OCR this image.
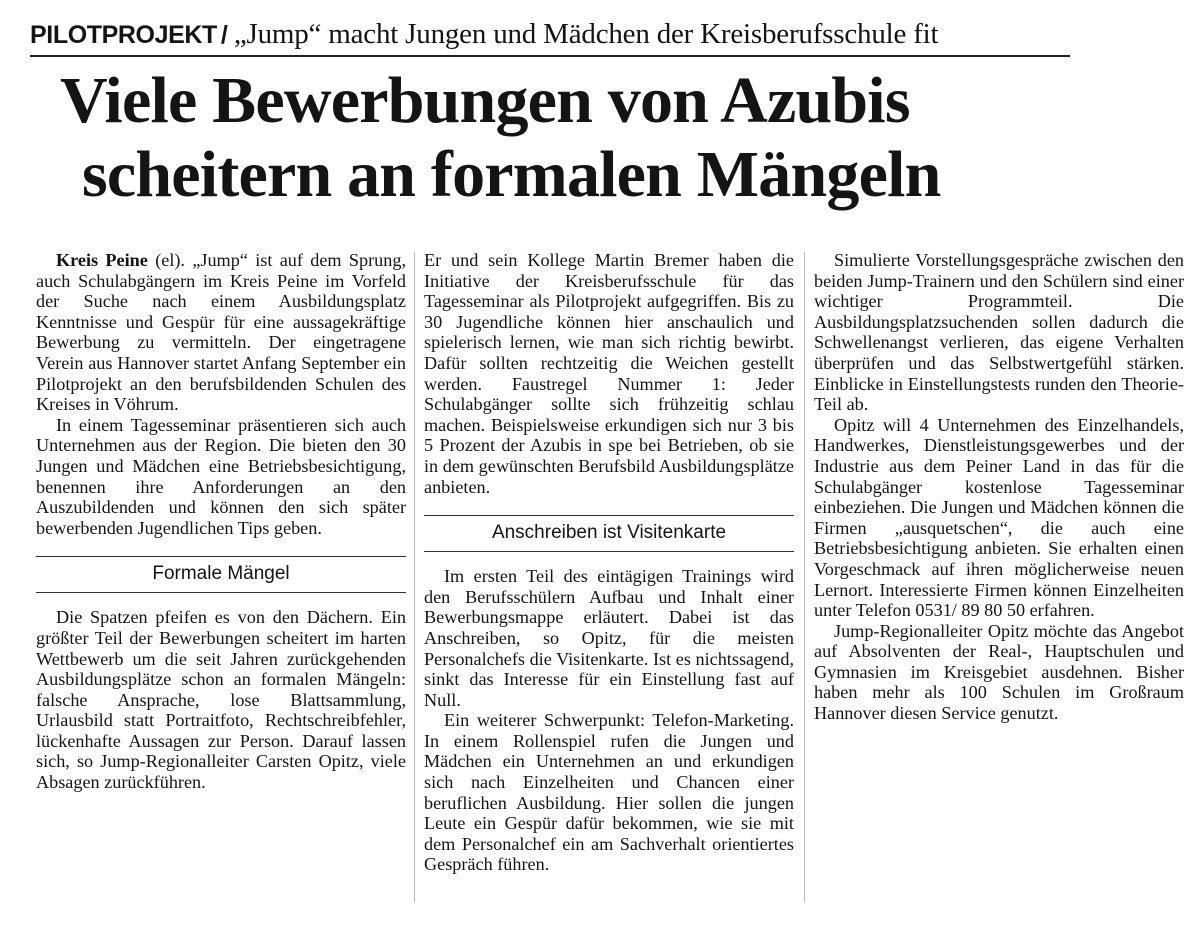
PILOTPROJEKT / „Jump“ macht Jungen und Mädchen der Kreisberufsschule fit
Viele Bewerbungen von Azubis
scheitern an formalen Mängeln

Kreis Peine (el). „Jump“ ist auf dem Sprung, auch Schulabgängern im Kreis Peine im Vorfeld der Suche nach einem Ausbildungsplatz Kenntnisse und Gespür für eine aussagekräftige Bewerbung zu vermitteln. Der eingetragene Verein aus Hannover startet Anfang September ein Pilotprojekt an den berufsbildenden Schulen des Kreises in Vöhrum.

In einem Tagesseminar präsentieren sich auch Unternehmen aus der Region. Die bieten den 30 Jungen und Mädchen eine Betriebsbesichtigung, benennen ihre Anforderungen an den Auszubildenden und können den sich später bewerbenden Jugendlichen Tips geben.

Formale Mängel

Die Spatzen pfeifen es von den Dächern. Ein größter Teil der Bewerbungen scheitert im harten Wettbewerb um die seit Jahren zurückgehenden Ausbildungsplätze schon an formalen Mängeln: falsche Ansprache, lose Blattsammlung, Urlausbild statt Portraitfoto, Rechtschreibfehler, lückenhafte Aussagen zur Person. Darauf lassen sich, so Jump-Regionalleiter Carsten Opitz, viele Absagen zurückführen.

Er und sein Kollege Martin Bremer haben die Initiative der Kreisberufsschule für das Tagesseminar als Pilotprojekt aufgegriffen. Bis zu 30 Jugendliche können hier anschaulich und spielerisch lernen, wie man sich richtig bewirbt. Dafür sollten rechtzeitig die Weichen gestellt werden. Faustregel Nummer 1: Jeder Schulabgänger sollte sich frühzeitig schlau machen. Beispielsweise erkundigen sich nur 3 bis 5 Prozent der Azubis in spe bei Betrieben, ob sie in dem gewünschten Berufsbild Ausbildungsplätze anbieten.

Anschreiben ist Visitenkarte

Im ersten Teil des eintägigen Trainings wird den Berufsschülern Aufbau und Inhalt einer Bewerbungsmappe erläutert. Dabei ist das Anschreiben, so Opitz, für die meisten Personalchefs die Visitenkarte. Ist es nichtssagend, sinkt das Interesse für ein Einstellung fast auf Null.

Ein weiterer Schwerpunkt: Telefon-Marketing. In einem Rollenspiel rufen die Jungen und Mädchen ein Unternehmen an und erkundigen sich nach Einzelheiten und Chancen einer beruflichen Ausbildung. Hier sollen die jungen Leute ein Gespür dafür bekommen, wie sie mit dem Personalchef ein am Sachverhalt orientiertes Gespräch führen.

Simulierte Vorstellungsgespräche zwischen den beiden Jump-Trainern und den Schülern sind einer wichtiger Programmteil. Die Ausbildungsplatzsuchenden sollen dadurch die Schwellenangst verlieren, das eigene Verhalten überprüfen und das Selbstwertgefühl stärken. Einblicke in Einstellungstests runden den Theorie-Teil ab.

Opitz will 4 Unternehmen des Einzelhandels, Handwerkes, Dienstleistungsgewerbes und der Industrie aus dem Peiner Land in das für die Schulabgänger kostenlose Tagesseminar einbeziehen. Die Jungen und Mädchen können die Firmen „ausquetschen“, die auch eine Betriebsbesichtigung anbieten. Sie erhalten einen Vorgeschmack auf ihren möglicherweise neuen Lernort. Interessierte Firmen können Einzelheiten unter Telefon 0531/ 89 80 50 erfahren.

Jump-Regionalleiter Opitz möchte das Angebot auf Absolventen der Real-, Hauptschulen und Gymnasien im Kreisgebiet ausdehnen. Bisher haben mehr als 100 Schulen im Großraum Hannover diesen Service genutzt.
